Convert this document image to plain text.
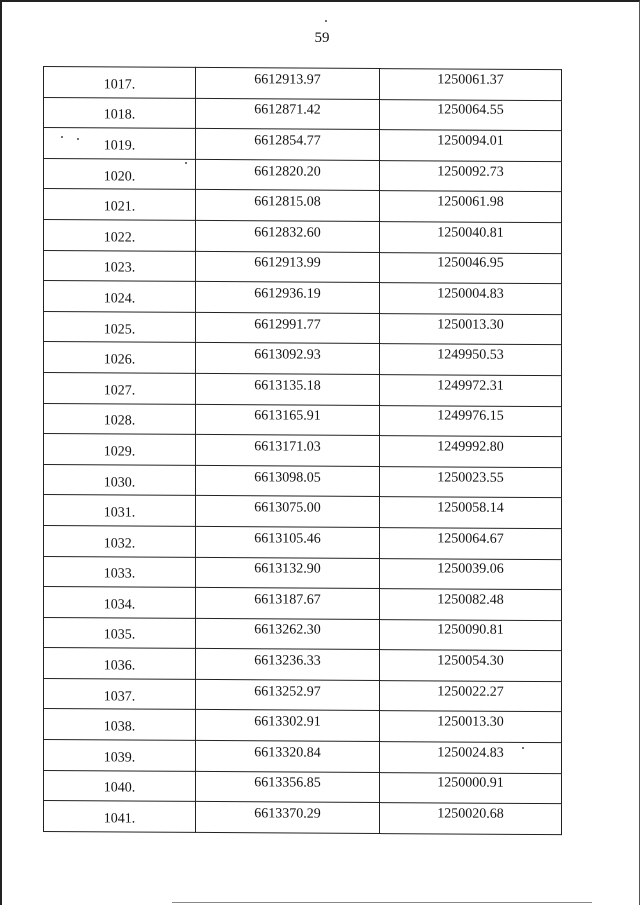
59
1017.	6612913.97	1250061.37
1018.	6612871.42	1250064.55
1019.	6612854.77	1250094.01
1020.	6612820.20	1250092.73
1021.	6612815.08	1250061.98
1022.	6612832.60	1250040.81
1023.	6612913.99	1250046.95
1024.	6612936.19	1250004.83
1025.	6612991.77	1250013.30
1026.	6613092.93	1249950.53
1027.	6613135.18	1249972.31
1028.	6613165.91	1249976.15
1029.	6613171.03	1249992.80
1030.	6613098.05	1250023.55
1031.	6613075.00	1250058.14
1032.	6613105.46	1250064.67
1033.	6613132.90	1250039.06
1034.	6613187.67	1250082.48
1035.	6613262.30	1250090.81
1036.	6613236.33	1250054.30
1037.	6613252.97	1250022.27
1038.	6613302.91	1250013.30
1039.	6613320.84	1250024.83
1040.	6613356.85	1250000.91
1041.	6613370.29	1250020.68
